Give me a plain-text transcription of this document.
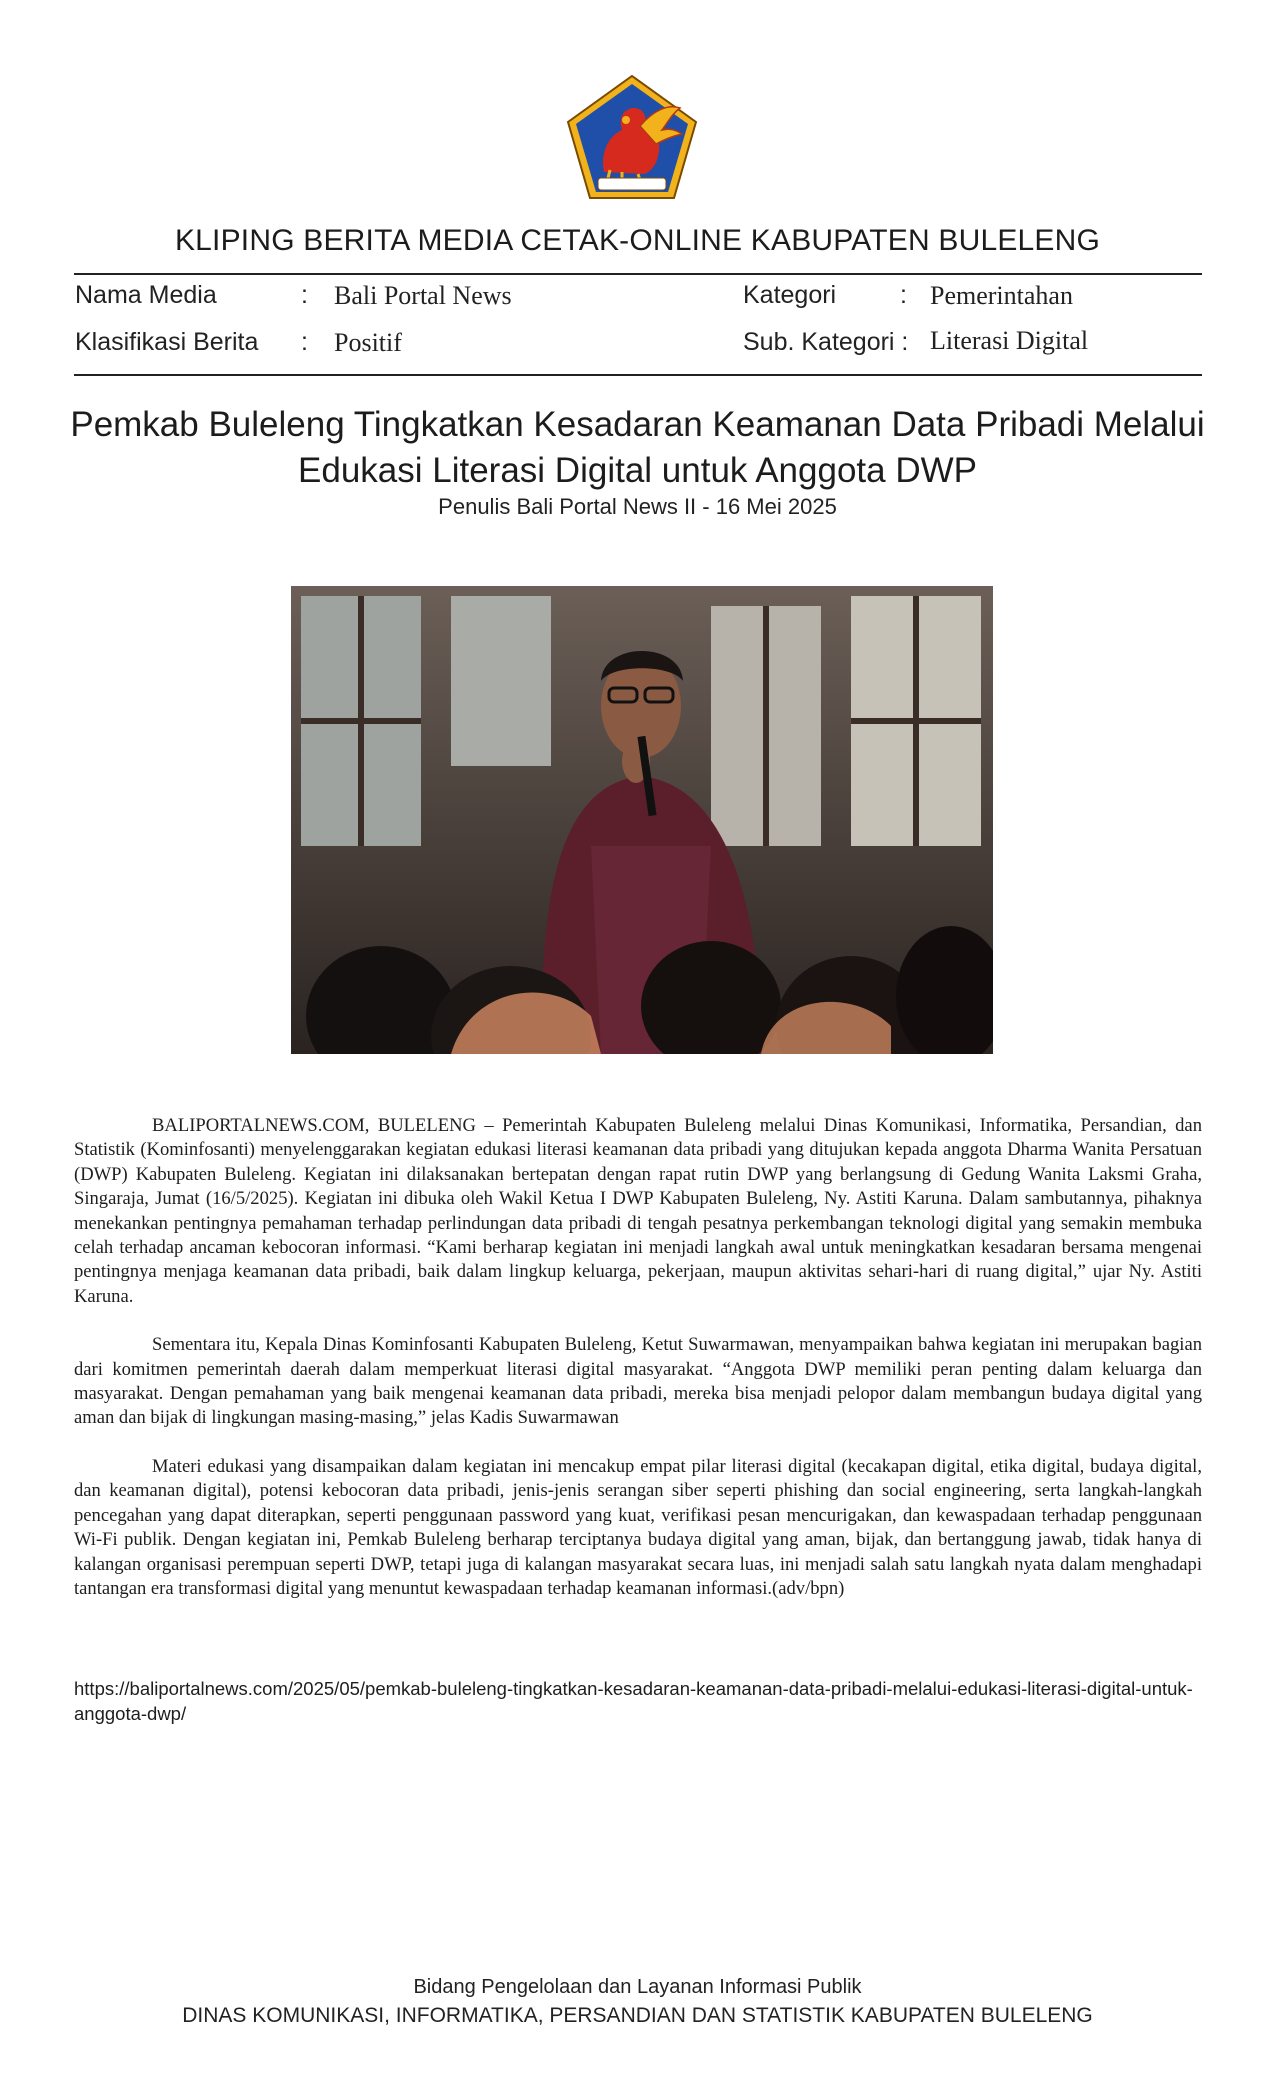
KLIPING BERITA MEDIA CETAK-ONLINE KABUPATEN BULELENG
Nama Media	: Bali Portal News	Kategori	: Pemerintahan
Klasifikasi Berita : Positif	Sub. Kategori : Literasi Digital
Pemkab Buleleng Tingkatkan Kesadaran Keamanan Data Pribadi Melalui
Edukasi Literasi Digital untuk Anggota DWP
Penulis Bali Portal News II - 16 Mei 2025

BALIPORTALNEWS.COM, BULELENG – Pemerintah Kabupaten Buleleng melalui Dinas Komunikasi, Informatika, Persandian, dan Statistik (Kominfosanti) menyelenggarakan kegiatan edukasi literasi keamanan data pribadi yang ditujukan kepada anggota Dharma Wanita Persatuan (DWP) Kabupaten Buleleng. Kegiatan ini dilaksanakan bertepatan dengan rapat rutin DWP yang berlangsung di Gedung Wanita Laksmi Graha, Singaraja, Jumat (16/5/2025). Kegiatan ini dibuka oleh Wakil Ketua I DWP Kabupaten Buleleng, Ny. Astiti Karuna. Dalam sambutannya, pihaknya menekankan pentingnya pemahaman terhadap perlindungan data pribadi di tengah pesatnya perkembangan teknologi digital yang semakin membuka celah terhadap ancaman kebocoran informasi. “Kami berharap kegiatan ini menjadi langkah awal untuk meningkatkan kesadaran bersama mengenai pentingnya menjaga keamanan data pribadi, baik dalam lingkup keluarga, pekerjaan, maupun aktivitas sehari-hari di ruang digital,” ujar Ny. Astiti Karuna.

Sementara itu, Kepala Dinas Kominfosanti Kabupaten Buleleng, Ketut Suwarmawan, menyampaikan bahwa kegiatan ini merupakan bagian dari komitmen pemerintah daerah dalam memperkuat literasi digital masyarakat. “Anggota DWP memiliki peran penting dalam keluarga dan masyarakat. Dengan pemahaman yang baik mengenai keamanan data pribadi, mereka bisa menjadi pelopor dalam membangun budaya digital yang aman dan bijak di lingkungan masing-masing,” jelas Kadis Suwarmawan

Materi edukasi yang disampaikan dalam kegiatan ini mencakup empat pilar literasi digital (kecakapan digital, etika digital, budaya digital, dan keamanan digital), potensi kebocoran data pribadi, jenis-jenis serangan siber seperti phishing dan social engineering, serta langkah-langkah pencegahan yang dapat diterapkan, seperti penggunaan password yang kuat, verifikasi pesan mencurigakan, dan kewaspadaan terhadap penggunaan Wi-Fi publik. Dengan kegiatan ini, Pemkab Buleleng berharap terciptanya budaya digital yang aman, bijak, dan bertanggung jawab, tidak hanya di kalangan organisasi perempuan seperti DWP, tetapi juga di kalangan masyarakat secara luas, ini menjadi salah satu langkah nyata dalam menghadapi tantangan era transformasi digital yang menuntut kewaspadaan terhadap keamanan informasi.(adv/bpn)

https://baliportalnews.com/2025/05/pemkab-buleleng-tingkatkan-kesadaran-keamanan-data-pribadi-melalui-edukasi-literasi-digital-untuk-anggota-dwp/
Bidang Pengelolaan dan Layanan Informasi Publik
DINAS KOMUNIKASI, INFORMATIKA, PERSANDIAN DAN STATISTIK KABUPATEN BULELENG
